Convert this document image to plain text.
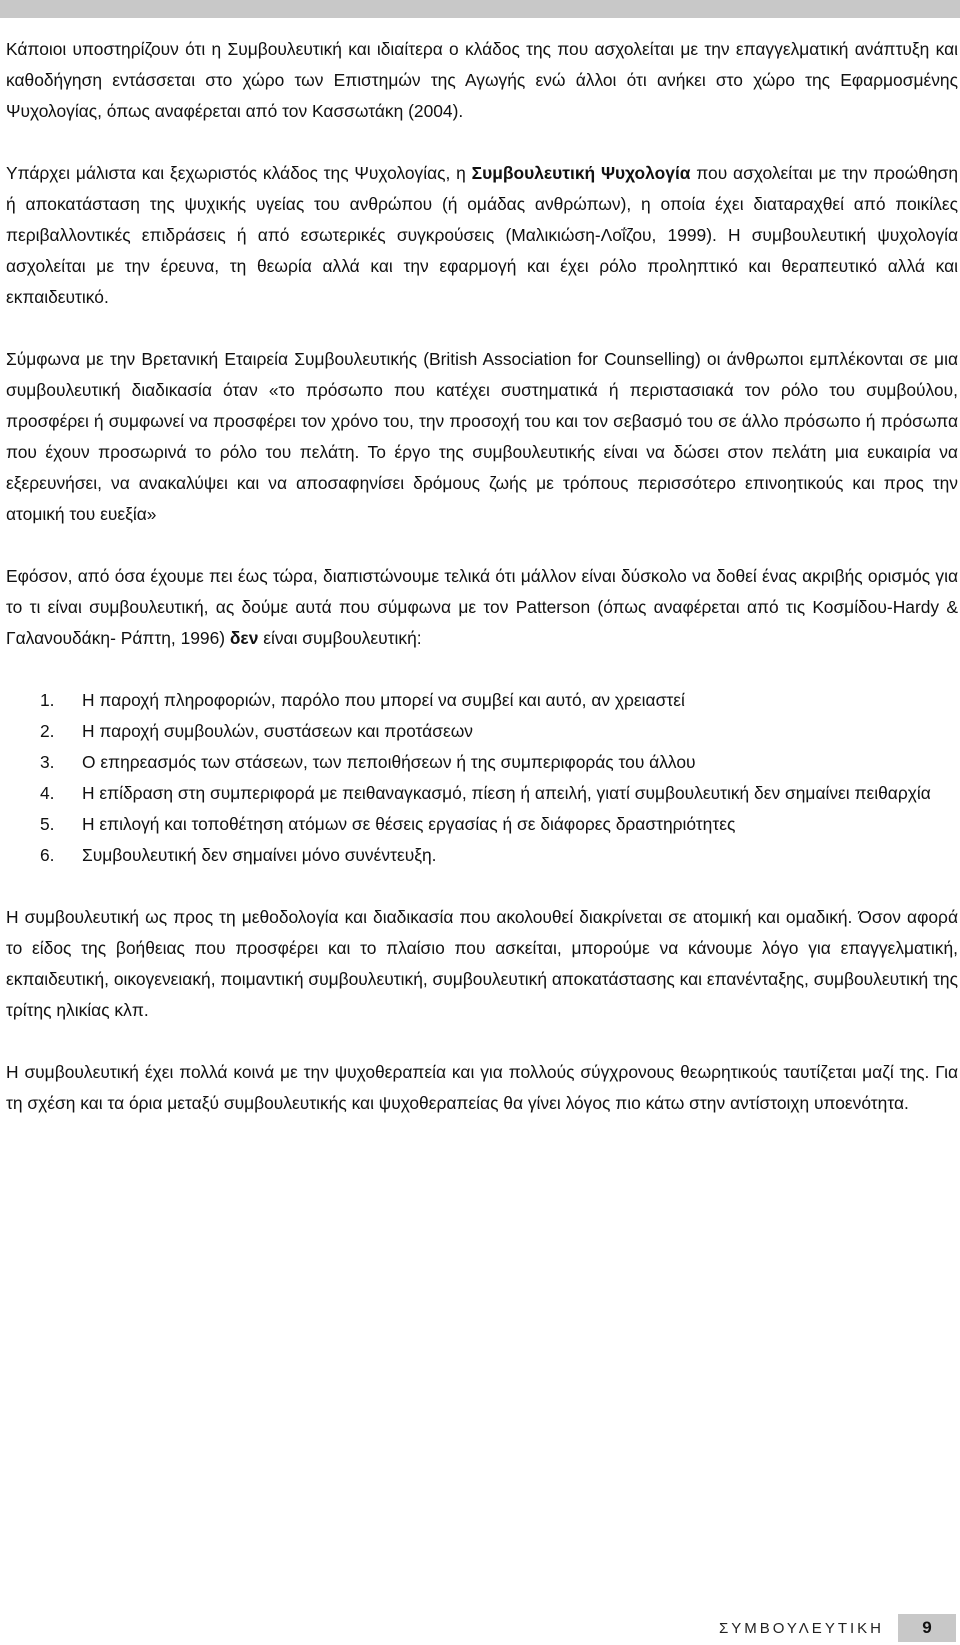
Κάποιοι υποστηρίζουν ότι η Συμβουλευτική και ιδιαίτερα ο κλάδος της που ασχολείται με την επαγγελματική ανάπτυξη και καθοδήγηση εντάσσεται στο χώρο των Επιστημών της Αγωγής ενώ άλλοι ότι ανήκει στο χώρο της Εφαρμοσμένης Ψυχολογίας, όπως αναφέρεται από τον Κασσωτάκη (2004).

Υπάρχει μάλιστα και ξεχωριστός κλάδος της Ψυχολογίας, η Συμβουλευτική Ψυχολογία που ασχολείται με την προώθηση ή αποκατάσταση της ψυχικής υγείας του ανθρώπου (ή ομάδας ανθρώπων), η οποία έχει διαταραχθεί από ποικίλες περιβαλλοντικές επιδράσεις ή από εσωτερικές συγκρούσεις (Μαλικιώση-Λοΐζου, 1999). Η συμβουλευτική ψυχολογία ασχολείται με την έρευνα, τη θεωρία αλλά και την εφαρμογή και έχει ρόλο προληπτικό και θεραπευτικό αλλά και εκπαιδευτικό.

Σύμφωνα με την Βρετανική Εταιρεία Συμβουλευτικής (British Association for Counselling) οι άνθρωποι εμπλέκονται σε μια συμβουλευτική διαδικασία όταν «το πρόσωπο που κατέχει συστηματικά ή περιστασιακά τον ρόλο του συμβούλου, προσφέρει ή συμφωνεί να προσφέρει τον χρόνο του, την προσοχή του και τον σεβασμό του σε άλλο πρόσωπο ή πρόσωπα που έχουν προσωρινά το ρόλο του πελάτη. Το έργο της συμβουλευτικής είναι να δώσει στον πελάτη μια ευκαιρία να εξερευνήσει, να ανακαλύψει και να αποσαφηνίσει δρόμους ζωής με τρόπους περισσότερο επινοητικούς και προς την ατομική του ευεξία»

Εφόσον, από όσα έχουμε πει έως τώρα, διαπιστώνουμε τελικά ότι μάλλον είναι δύσκολο να δοθεί ένας ακριβής ορισμός για το τι είναι συμβουλευτική, ας δούμε αυτά που σύμφωνα με τον Patterson (όπως αναφέρεται από τις Κοσμίδου-Hardy & Γαλανουδάκη- Ράπτη, 1996) δεν είναι συμβουλευτική:

1.	Η παροχή πληροφοριών, παρόλο που μπορεί να συμβεί και αυτό, αν χρειαστεί
2.	Η παροχή συμβουλών, συστάσεων και προτάσεων
3.	Ο επηρεασμός των στάσεων, των πεποιθήσεων ή της συμπεριφοράς του άλλου
4.	Η επίδραση στη συμπεριφορά με πειθαναγκασμό, πίεση ή απειλή, γιατί συμβουλευτική δεν σημαίνει πειθαρχία
5.	Η επιλογή και τοποθέτηση ατόμων σε θέσεις εργασίας ή σε διάφορες δραστηριότητες
6.	Συμβουλευτική δεν σημαίνει μόνο συνέντευξη.

Η συμβουλευτική ως προς τη μεθοδολογία και διαδικασία που ακολουθεί διακρίνεται σε ατομική και ομαδική. Όσον αφορά το είδος της βοήθειας που προσφέρει και το πλαίσιο που ασκείται, μπορούμε να κάνουμε λόγο για επαγγελματική, εκπαιδευτική, οικογενειακή, ποιμαντική συμβουλευτική, συμβουλευτική αποκατάστασης και επανένταξης, συμβουλευτική της τρίτης ηλικίας κλπ.

Η συμβουλευτική έχει πολλά κοινά με την ψυχοθεραπεία και για πολλούς σύγχρονους θεωρητικούς ταυτίζεται μαζί της. Για τη σχέση και τα όρια μεταξύ συμβουλευτικής και ψυχοθεραπείας θα γίνει λόγος πιο κάτω στην αντίστοιχη υποενότητα.

ΣΥΜΒΟΥΛΕΥΤΙΚΗ	9
